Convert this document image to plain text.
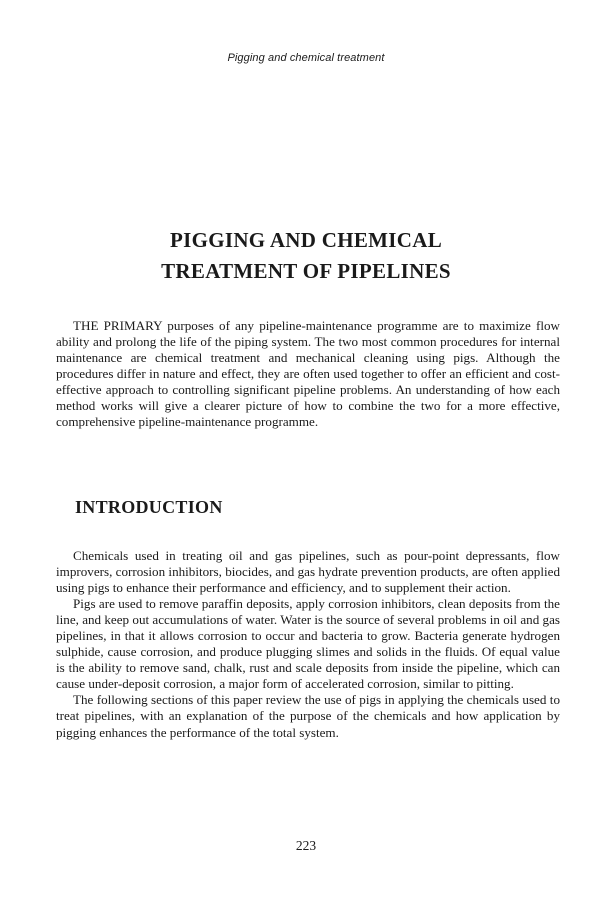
Pigging and chemical treatment
PIGGING AND CHEMICAL
TREATMENT OF PIPELINES

THE PRIMARY purposes of any pipeline-maintenance programme are to maximize flow ability and prolong the life of the piping system. The two most common procedures for internal maintenance are chemical treatment and mechanical cleaning using pigs. Although the procedures differ in nature and effect, they are often used together to offer an efficient and cost-effective approach to controlling significant pipeline problems. An understanding of how each method works will give a clearer picture of how to combine the two for a more effective, comprehensive pipeline-maintenance programme.

INTRODUCTION

Chemicals used in treating oil and gas pipelines, such as pour-point depressants, flow improvers, corrosion inhibitors, biocides, and gas hydrate prevention products, are often applied using pigs to enhance their performance and efficiency, and to supplement their action.

Pigs are used to remove paraffin deposits, apply corrosion inhibitors, clean deposits from the line, and keep out accumulations of water. Water is the source of several problems in oil and gas pipelines, in that it allows corrosion to occur and bacteria to grow. Bacteria generate hydrogen sulphide, cause corrosion, and produce plugging slimes and solids in the fluids. Of equal value is the ability to remove sand, chalk, rust and scale deposits from inside the pipeline, which can cause under-deposit corrosion, a major form of accelerated corrosion, similar to pitting.

The following sections of this paper review the use of pigs in applying the chemicals used to treat pipelines, with an explanation of the purpose of the chemicals and how application by pigging enhances the performance of the total system.

223
